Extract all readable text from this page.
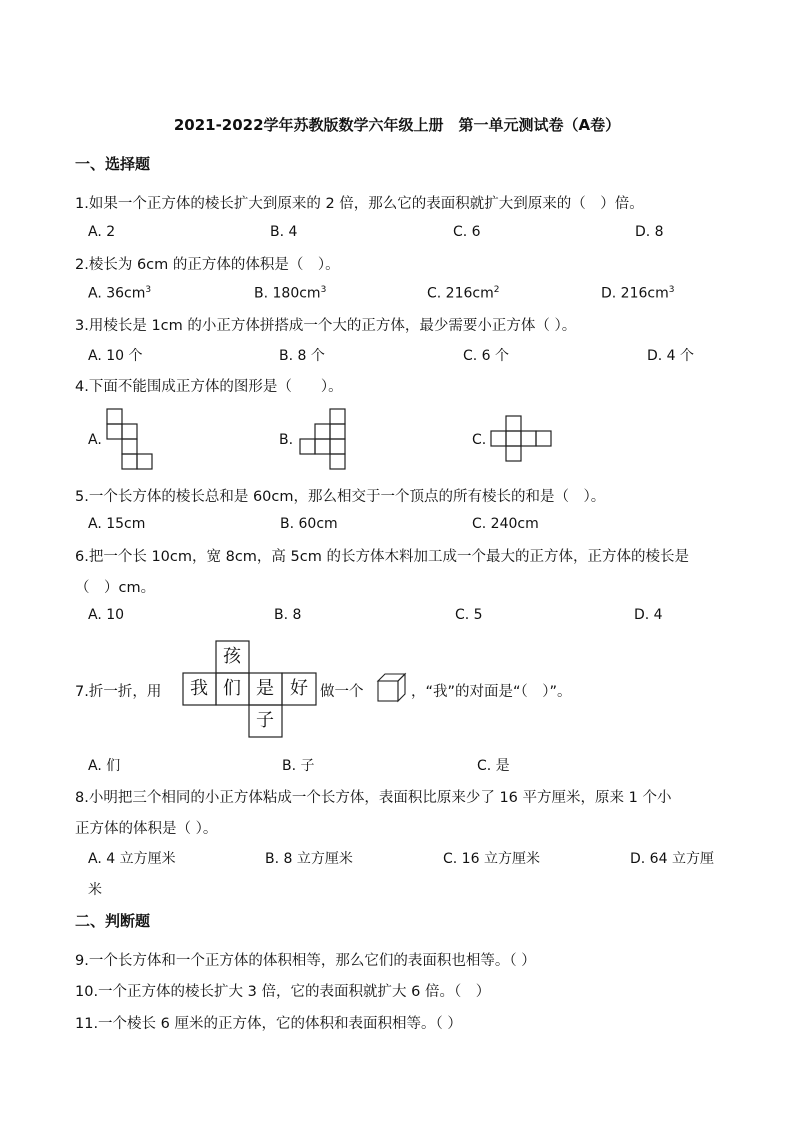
2021-2022学年苏教版数学六年级上册　第一单元测试卷（A卷）
一、选择题
1.如果一个正方体的棱长扩大到原来的 2 倍，那么它的表面积就扩大到原来的（　）倍。
A. 2	B. 4	C. 6	D. 8
2.棱长为 6cm 的正方体的体积是（　）。
A. $36cm^3$	B. $180cm^3$	C. $216cm^2$	D. $216cm^3$
3.用棱长是 1cm 的小正方体拼搭成一个大的正方体，最少需要小正方体（ ）。
A. 10 个	B. 8 个	C. 6 个	D. 4 个
4.下面不能围成正方体的图形是（　　）。
A.	B.	C.
5.一个长方体的棱长总和是 60cm，那么相交于一个顶点的所有棱长的和是（　）。
A. 15cm	B. 60cm	C. 240cm
6.把一个长 10cm，宽 8cm，高 5cm 的长方体木料加工成一个最大的正方体，正方体的棱长是
（　）cm。
A. 10	B. 8	C. 5	D. 4
7.折一折，用
孩
我 们 是 好
子
做一个	，“我”的对面是“（　）”。
A. 们	B. 子	C. 是
8.小明把三个相同的小正方体粘成一个长方体，表面积比原来少了 16 平方厘米，原来 1 个小
正方体的体积是（ ）。
A. 4 立方厘米	B. 8 立方厘米	C. 16 立方厘米	D. 64 立方厘
米
二、判断题
9.一个长方体和一个正方体的体积相等，那么它们的表面积也相等。（ ）
10.一个正方体的棱长扩大 3 倍，它的表面积就扩大 6 倍。（　）
11.一个棱长 6 厘米的正方体，它的体积和表面积相等。（ ）
